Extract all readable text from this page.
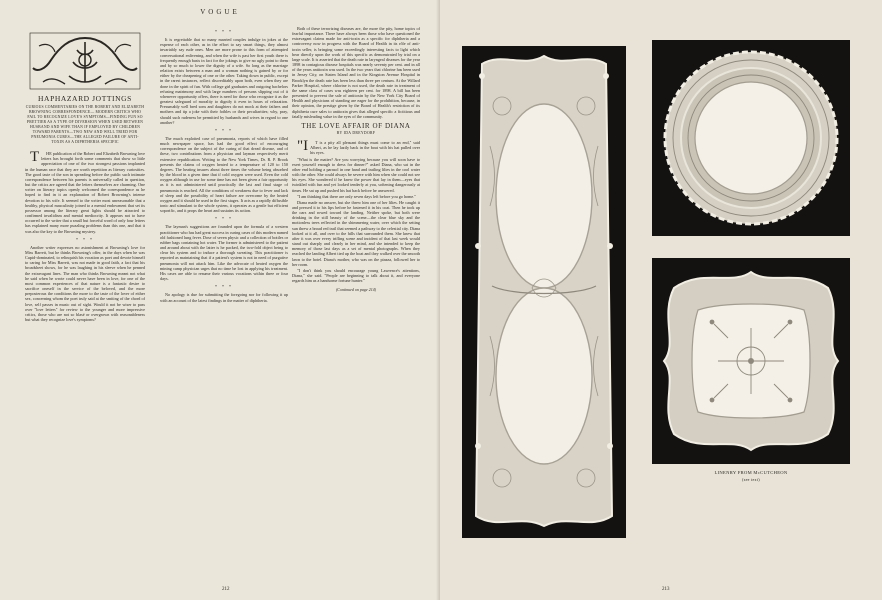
VOGUE
HAPHAZARD JOTTINGS
CURIOUS COMMENTARIES ON THE ROBERT AND ELIZABETH BROWNING CORRESPONDENCE— MODERN CRITICS WHO FAIL TO RECOGNIZE LOVE'S SYMPTOMS—FINDING FUN SO PRETTIER AS A TYPE OF DIVERSION WHEN USED BETWEEN HUSBAND AND WIFE THAN IF EMPLOYED BY CHILDREN TOWARD PARENTS—TWO NEW AND WELL TRIED FOR PNEUMONIA CURES—THE ALLEGED FAILURE OF ANTI-TOXIN AS A DIPHTHERIA SPECIFIC

T HE publication of the Robert and Elizabeth Browning love letters has brought forth some comments that show so little appreciation of one of the two strongest passions implanted in the human race that they are worth repetition as literary curiosities. The good taste of the son in spreading before the public such intimate correspondence between his parents is universally called in question, but the critics are agreed that the letters themselves are charming. One writer on literary topics openly welcomed the correspondence as he hoped to find in it an explanation of Robert Browning's intense devotion to his wife. It seemed to the writer most unreasonable that a healthy, physical masculinity joined to a mental endowment that set its possessor among the literary great lights should be attracted to confirmed invalidism and mental mediocrity. It appears not to have occurred to the writer that a small but forceful word of only four letters has explained many more puzzling problems than this one, and that it was also the key to the Browning mystery.

* * *

Another writer expresses no astonishment at Browning's love for Miss Barrett, but he thinks Browning's offer, in the days when he was Cupid-dominated, to relinquish his vocation as poet and devote himself to caring for Miss Barrett, was not made in good faith, a fact that his broadsheet shows, for he was laughing in his sleeve when he penned the extravagant lines. The man who thinks Browning meant not what he said when he wrote could never have been in love, for one of the most common experiences of that nature is a fantastic desire to sacrifice oneself in the service of the beloved, and the more preposterous the conditions the more to the taste of the lover of either sex, concerning whom the poet truly said at the smiting of the chord of love, self passes in music out of sight. Would it not be wiser to pass over "love letters" for review to the younger and more impressive critics, those who are not so blasé or overgrown with reasonableness but what they recognize love's symptoms?

* * *

It is regrettable that so many married couples indulge in jokes at the expense of each other, as in the effort to say smart things, they almost invariably say rude ones. Men are more prone to this form of attempted conversational enlivening, and when the wife is past her first youth there is frequently enough basis in fact for the jokings to give no ugly point to them and by so much to lower the dignity of a wife. So long as the marriage relation exists between a man and a woman nothing is gained by or for either by the cheapening of one or the other. Taking down in public, except in the rarest instances, reflect discreditably upon both, even when they are done in the spirit of fun. With college girl graduates and outgoing bachelors refusing matrimony and with large numbers of persons slipping out of it whenever opportunity offers, there is need for those who recognize it as the greatest safeguard of morality to dignify it even in hours of relaxation. Presumably well bred sons and daughters do not mock at their fathers and mothers and tip a joke with their foibles or their peculiarities; why, pray, should such rudeness be permitted by husbands and wives in regard to one another?

* * *

The much exploited case of pneumonia, reports of which have filled much newspaper space, has had the good effect of encouraging correspondence on the subject of the curing of that dread disease, and of these, two contributions from a physician and layman respectively merit extensive republication. Writing to the New York Times, Dr. R. P. Brook presents the claims of oxygen heated to a temperature of 120 to 150 degrees. The heating insures about three times the volume being absorbed by the blood in a given time that if cold oxygen were used. Even the cold oxygen although in use for some time has not been given a fair opportunity as it is not administered until practically the last and final stage of pneumonia is reached. All the conditions of weakness due to fever and lack of sleep and the possibility of heart failure are overcome by the heated oxygen and it should be used in the first stages. It acts as a rapidly diffusible tonic and stimulant to the whole system, it operates as a gentle but efficient soporific, and it props the heart and sustains its action.

* * *

The layman's suggestions are founded upon the formula of a western practitioner who has had great success in curing cases of this modern named old fashioned lung fever. Dose of seven physic and a collection of bottles or rubber bags containing hot water. The former is administered to the patient and around about with the latter is he packed, the two-fold object being to clear his system and to induce a thorough sweating. This practitioner is reported as maintaining that if a patient's system is not in need of purgative pneumonia will not attack him. Like the advocate of heated oxygen the mining camp physician urges that no time be lost in applying his treatment. His cases are able to resume their various vocations within three or four days.

* * *

No apology is due for submitting the foregoing nor for following it up with an account of the latest findings in the matter of diphtheria.

Both of these terrorizing diseases are, the more the pity, home topics of fearful importance. There have always been those who have questioned the extravagant claims made for anti-toxin as a specific for diphtheria and a controversy now in progress with the Board of Health in its rôle of anti-toxin seller, is bringing some exceedingly interesting facts to light which bear directly upon the work of this specific as demonstrated by trial on a large scale. It is asserted that the death rate in laryngeal diseases for the year 1898 in contagious disease hospitals was nearly seventy per cent. and in all of the years antitoxin was used. In the two years that chlorine has been used in Jersey City, on Staten Island and in the Kingston Avenue Hospital in Brooklyn the death rate has been less than three per centum. At the Willard Parker Hospital, where chlorine is not used, the death rate in treatment of the same class of cases was eighteen per cent. for 1898. A bill has been presented to prevent the sale of antitoxin by the New York City Board of Health and physicians of standing are eager for the prohibition, because, in their opinion, the prestige given by the Board of Health's restriction of its diphtheria cure sales to antitoxin gives that alleged specific a fictitious and fatally misleading value in the eyes of the community.

THE LOVE AFFAIR OF DIANA
BY IDA DREYDORF

"I T is a pity all pleasant things must come to an end," said Albert, as he lay lazily back in the boat with his hat pulled over his eyes.

"What is the matter? Are you worrying because you will soon have to exert yourself enough to dress for dinner?" asked Diana, who sat in the other end holding a parasol in one hand and trailing lilies in the cool water with the other. She could always be severe with him when she could not see his eyes. She wondered if he knew the power that lay in them—eyes that twinkled with fun and yet looked tenderly at you, softening dangerously at times. He sat up and pushed his hat back before he answered.

"I am thinking that there are only seven days left before you go home."

Diana made no answer, but she threw him one of her lilies. He caught it and pressed it to his lips before he fastened it in his coat. Then he took up the oars and rowed toward the landing. Neither spoke, but both were drinking in the still beauty of the scene—the clear blue sky and the motionless trees reflected in the shimmering water, over which the setting sun threw a broad red trail that seemed a pathway to the celestial city. Diana looked at it all, and over to the hills that surrounded them. She knew that after it was over every trifling scene and incident of that last week would stand out sharply and clearly in her mind, and she intended to keep the memory of those last days as a set of mental photographs. When they reached the landing Albert tied up the boat and they walked over the smooth lawn to the hotel. Diana's mother, who was on the piazza, followed her to her room.

"I don't think you should encourage young Lawrence's attentions, Diana," she said. "People are beginning to talk about it, and everyone regards him as a handsome fortune hunter."

(Continued on page 214)
212
LINENRY FROM McCUTCHEON
(see text)
213
